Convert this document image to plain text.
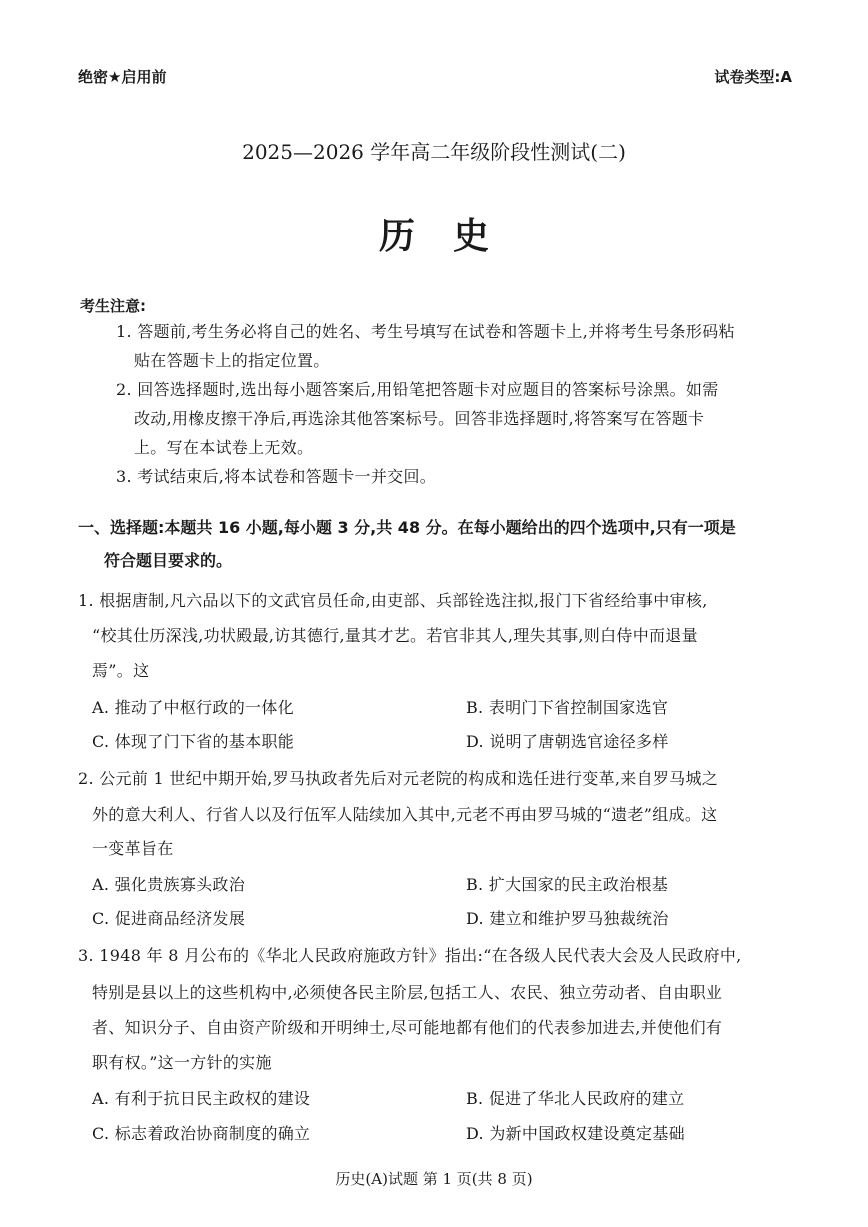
绝密★启用前	试卷类型:A
2025—2026 学年高二年级阶段性测试(二)
历史
考生注意:
1. 答题前,考生务必将自己的姓名、考生号填写在试卷和答题卡上,并将考生号条形码粘
贴在答题卡上的指定位置。
2. 回答选择题时,选出每小题答案后,用铅笔把答题卡对应题目的答案标号涂黑。如需
改动,用橡皮擦干净后,再选涂其他答案标号。回答非选择题时,将答案写在答题卡
上。写在本试卷上无效。
3. 考试结束后,将本试卷和答题卡一并交回。
一、选择题:本题共 16 小题,每小题 3 分,共 48 分。在每小题给出的四个选项中,只有一项是
符合题目要求的。
1. 根据唐制,凡六品以下的文武官员任命,由吏部、兵部铨选注拟,报门下省经给事中审核,
“校其仕历深浅,功状殿最,访其德行,量其才艺。若官非其人,理失其事,则白侍中而退量
焉”。这
A. 推动了中枢行政的一体化	B. 表明门下省控制国家选官
C. 体现了门下省的基本职能	D. 说明了唐朝选官途径多样
2. 公元前 1 世纪中期开始,罗马执政者先后对元老院的构成和选任进行变革,来自罗马城之
外的意大利人、行省人以及行伍军人陆续加入其中,元老不再由罗马城的“遗老”组成。这
一变革旨在
A. 强化贵族寡头政治	B. 扩大国家的民主政治根基
C. 促进商品经济发展	D. 建立和维护罗马独裁统治
3. 1948 年 8 月公布的《华北人民政府施政方针》指出:“在各级人民代表大会及人民政府中,
特别是县以上的这些机构中,必须使各民主阶层,包括工人、农民、独立劳动者、自由职业
者、知识分子、自由资产阶级和开明绅士,尽可能地都有他们的代表参加进去,并使他们有
职有权。”这一方针的实施
A. 有利于抗日民主政权的建设	B. 促进了华北人民政府的建立
C. 标志着政治协商制度的确立	D. 为新中国政权建设奠定基础
历史(A)试题 第 1 页(共 8 页)
